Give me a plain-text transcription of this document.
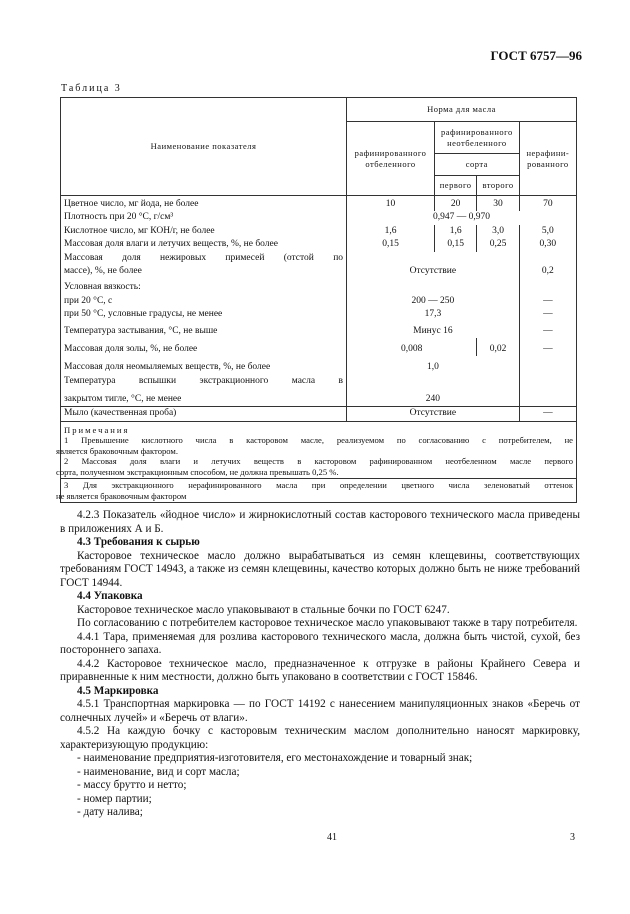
ГОСТ 6757—96
Таблица 3
Наименование показателя	Норма для масла			
	рафинированного отбеленного	рафинированного неотбеленного		нерафини-рованного
		сорта		
		первого	второго	
Цветное число, мг йода, не более	10	20	30	70
Плотность при 20 °С, г/см³	0,947 — 0,970			
Кислотное число, мг КОН/г, не более	1,6	1,6	3,0	5,0
Массовая доля влаги и летучих веществ, %, не более	0,15	0,15	0,25	0,30
Массовая доля нежировых примесей (отстой по				
массе), %, не более	Отсутствие			0,2
Условная вязкость:				
при 20 °С, с	200 — 250			—
при 50 °С, условные градусы, не менее	17,3			—
Температура застывания, °С, не выше	Минус 16			—
Массовая доля золы, %, не более	0,008		0,02	—
Массовая доля неомыляемых веществ, %, не более	1,0			
Температура вспышки экстракционного масла в				
закрытом тигле, °С, не менее	240			
Мыло (качественная проба)	Отсутствие			—

Примечания
1 Превышение кислотного числа в касторовом масле, реализуемом по согласованию с потребителем, не
является браковочным фактором.
2 Массовая доля влаги и летучих веществ в касторовом рафинированном неотбеленном масле первого
сорта, полученном экстракционным способом, не должна превышать 0,25 %.				

3 Для экстракционного нерафинированного масла при определении цветного числа зеленоватый оттенок
не является браковочным фактором				

4.2.3 Показатель «йодное число» и жирнокислотный состав касторового технического масла приведены в приложениях А и Б.

4.3 Требования к сырью

Касторовое техническое масло должно вырабатываться из семян клещевины, соответствующих требованиям ГОСТ 14943, а также из семян клещевины, качество которых должно быть не ниже требований ГОСТ 14944.

4.4 Упаковка

Касторовое техническое масло упаковывают в стальные бочки по ГОСТ 6247.

По согласованию с потребителем касторовое техническое масло упаковывают также в тару потребителя.

4.4.1 Тара, применяемая для розлива касторового технического масла, должна быть чистой, сухой, без постороннего запаха.

4.4.2 Касторовое техническое масло, предназначенное к отгрузке в районы Крайнего Севера и приравненные к ним местности, должно быть упаковано в соответствии с ГОСТ 15846.

4.5 Маркировка

4.5.1 Транспортная маркировка — по ГОСТ 14192 с нанесением манипуляционных знаков «Беречь от солнечных лучей» и «Беречь от влаги».

4.5.2 На каждую бочку с касторовым техническим маслом дополнительно наносят маркировку, характеризующую продукцию:

- наименование предприятия-изготовителя, его местонахождение и товарный знак;

- наименование, вид и сорт масла;

- массу брутто и нетто;

- номер партии;

- дату налива;

41	3
